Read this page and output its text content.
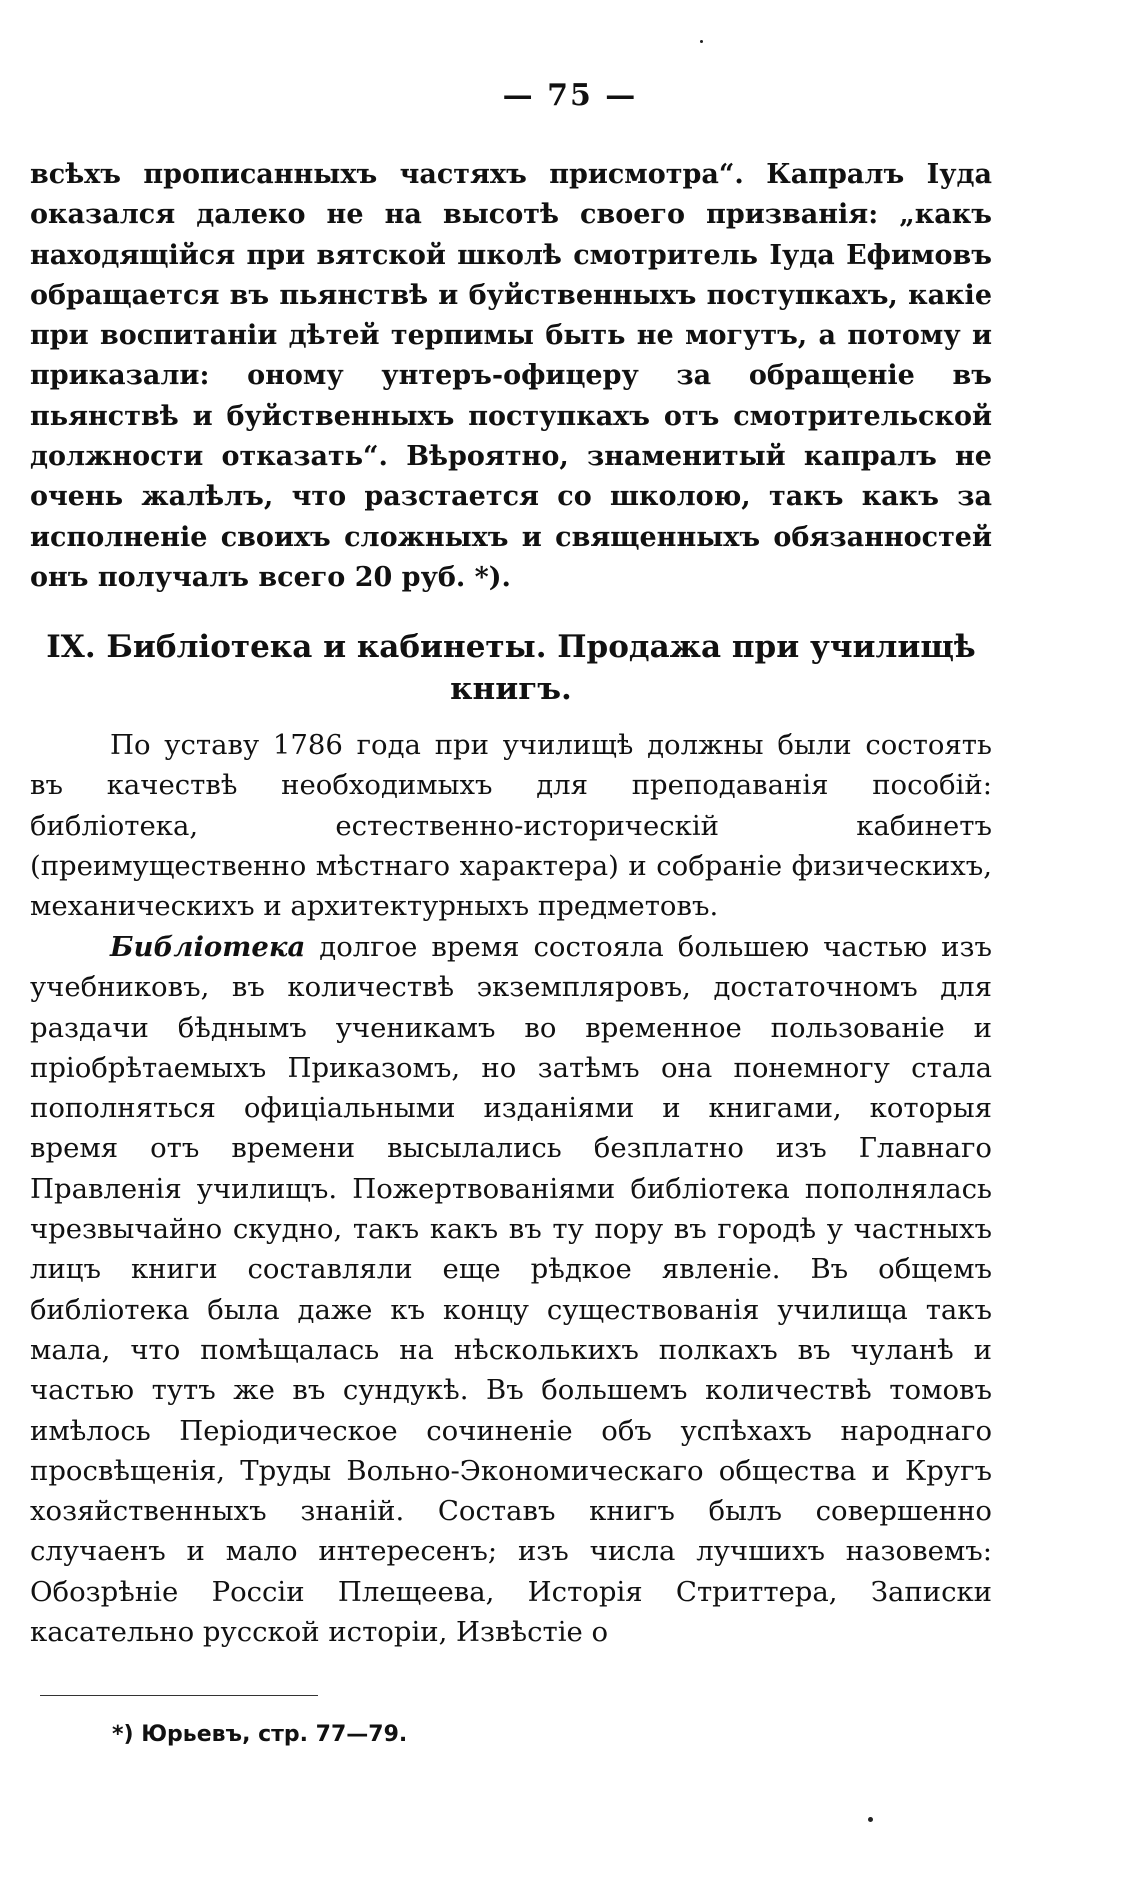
— 75 —

всѣхъ прописанныхъ частяхъ присмотра“. Капралъ Іуда оказался далеко не на высотѣ своего призванія: „какъ находящійся при вятской школѣ смотритель Іуда Ефимовъ обращается въ пьянствѣ и буйственныхъ поступкахъ, какіе при воспитаніи дѣтей терпимы быть не могутъ, а потому и приказали: оному унтеръ-офицеру за обращеніе въ пьянствѣ и буйственныхъ поступкахъ отъ смотрительской должности отказать“. Вѣроятно, знаменитый капралъ не очень жалѣлъ, что разстается со школою, такъ какъ за исполненіе своихъ сложныхъ и священныхъ обязанностей онъ получалъ всего 20 руб. *).

IX. Библіотека и кабинеты. Продажа при училищѣ
книгъ.

По уставу 1786 года при училищѣ должны были состоять въ качествѣ необходимыхъ для преподаванія пособій: библіотека, естественно-историческій кабинетъ (преимущественно мѣстнаго характера) и собраніе физическихъ, механическихъ и архитектурныхъ предметовъ.

Библіотека долгое время состояла большею частью изъ учебниковъ, въ количествѣ экземпляровъ, достаточномъ для раздачи бѣднымъ ученикамъ во временное пользованіе и пріобрѣтаемыхъ Приказомъ, но затѣмъ она понемногу стала пополняться офиціальными изданіями и книгами, которыя время отъ времени высылались безплатно изъ Главнаго Правленія училищъ. Пожертвованіями библіотека пополнялась чрезвычайно скудно, такъ какъ въ ту пору въ городѣ у частныхъ лицъ книги составляли еще рѣдкое явленіе. Въ общемъ библіотека была даже къ концу существованія училища такъ мала, что помѣщалась на нѣсколькихъ полкахъ въ чуланѣ и частью тутъ же въ сундукѣ. Въ большемъ количествѣ томовъ имѣлось Періодическое сочиненіе объ успѣхахъ народнаго просвѣщенія, Труды Вольно-Экономическаго общества и Кругъ хозяйственныхъ знаній. Составъ книгъ былъ совершенно случаенъ и мало интересенъ; изъ числа лучшихъ назовемъ: Обозрѣніе Россіи Плещеева, Исторія Стриттера, Записки касательно русской исторіи, Извѣстіе о

*) Юрьевъ, стр. 77—79.
